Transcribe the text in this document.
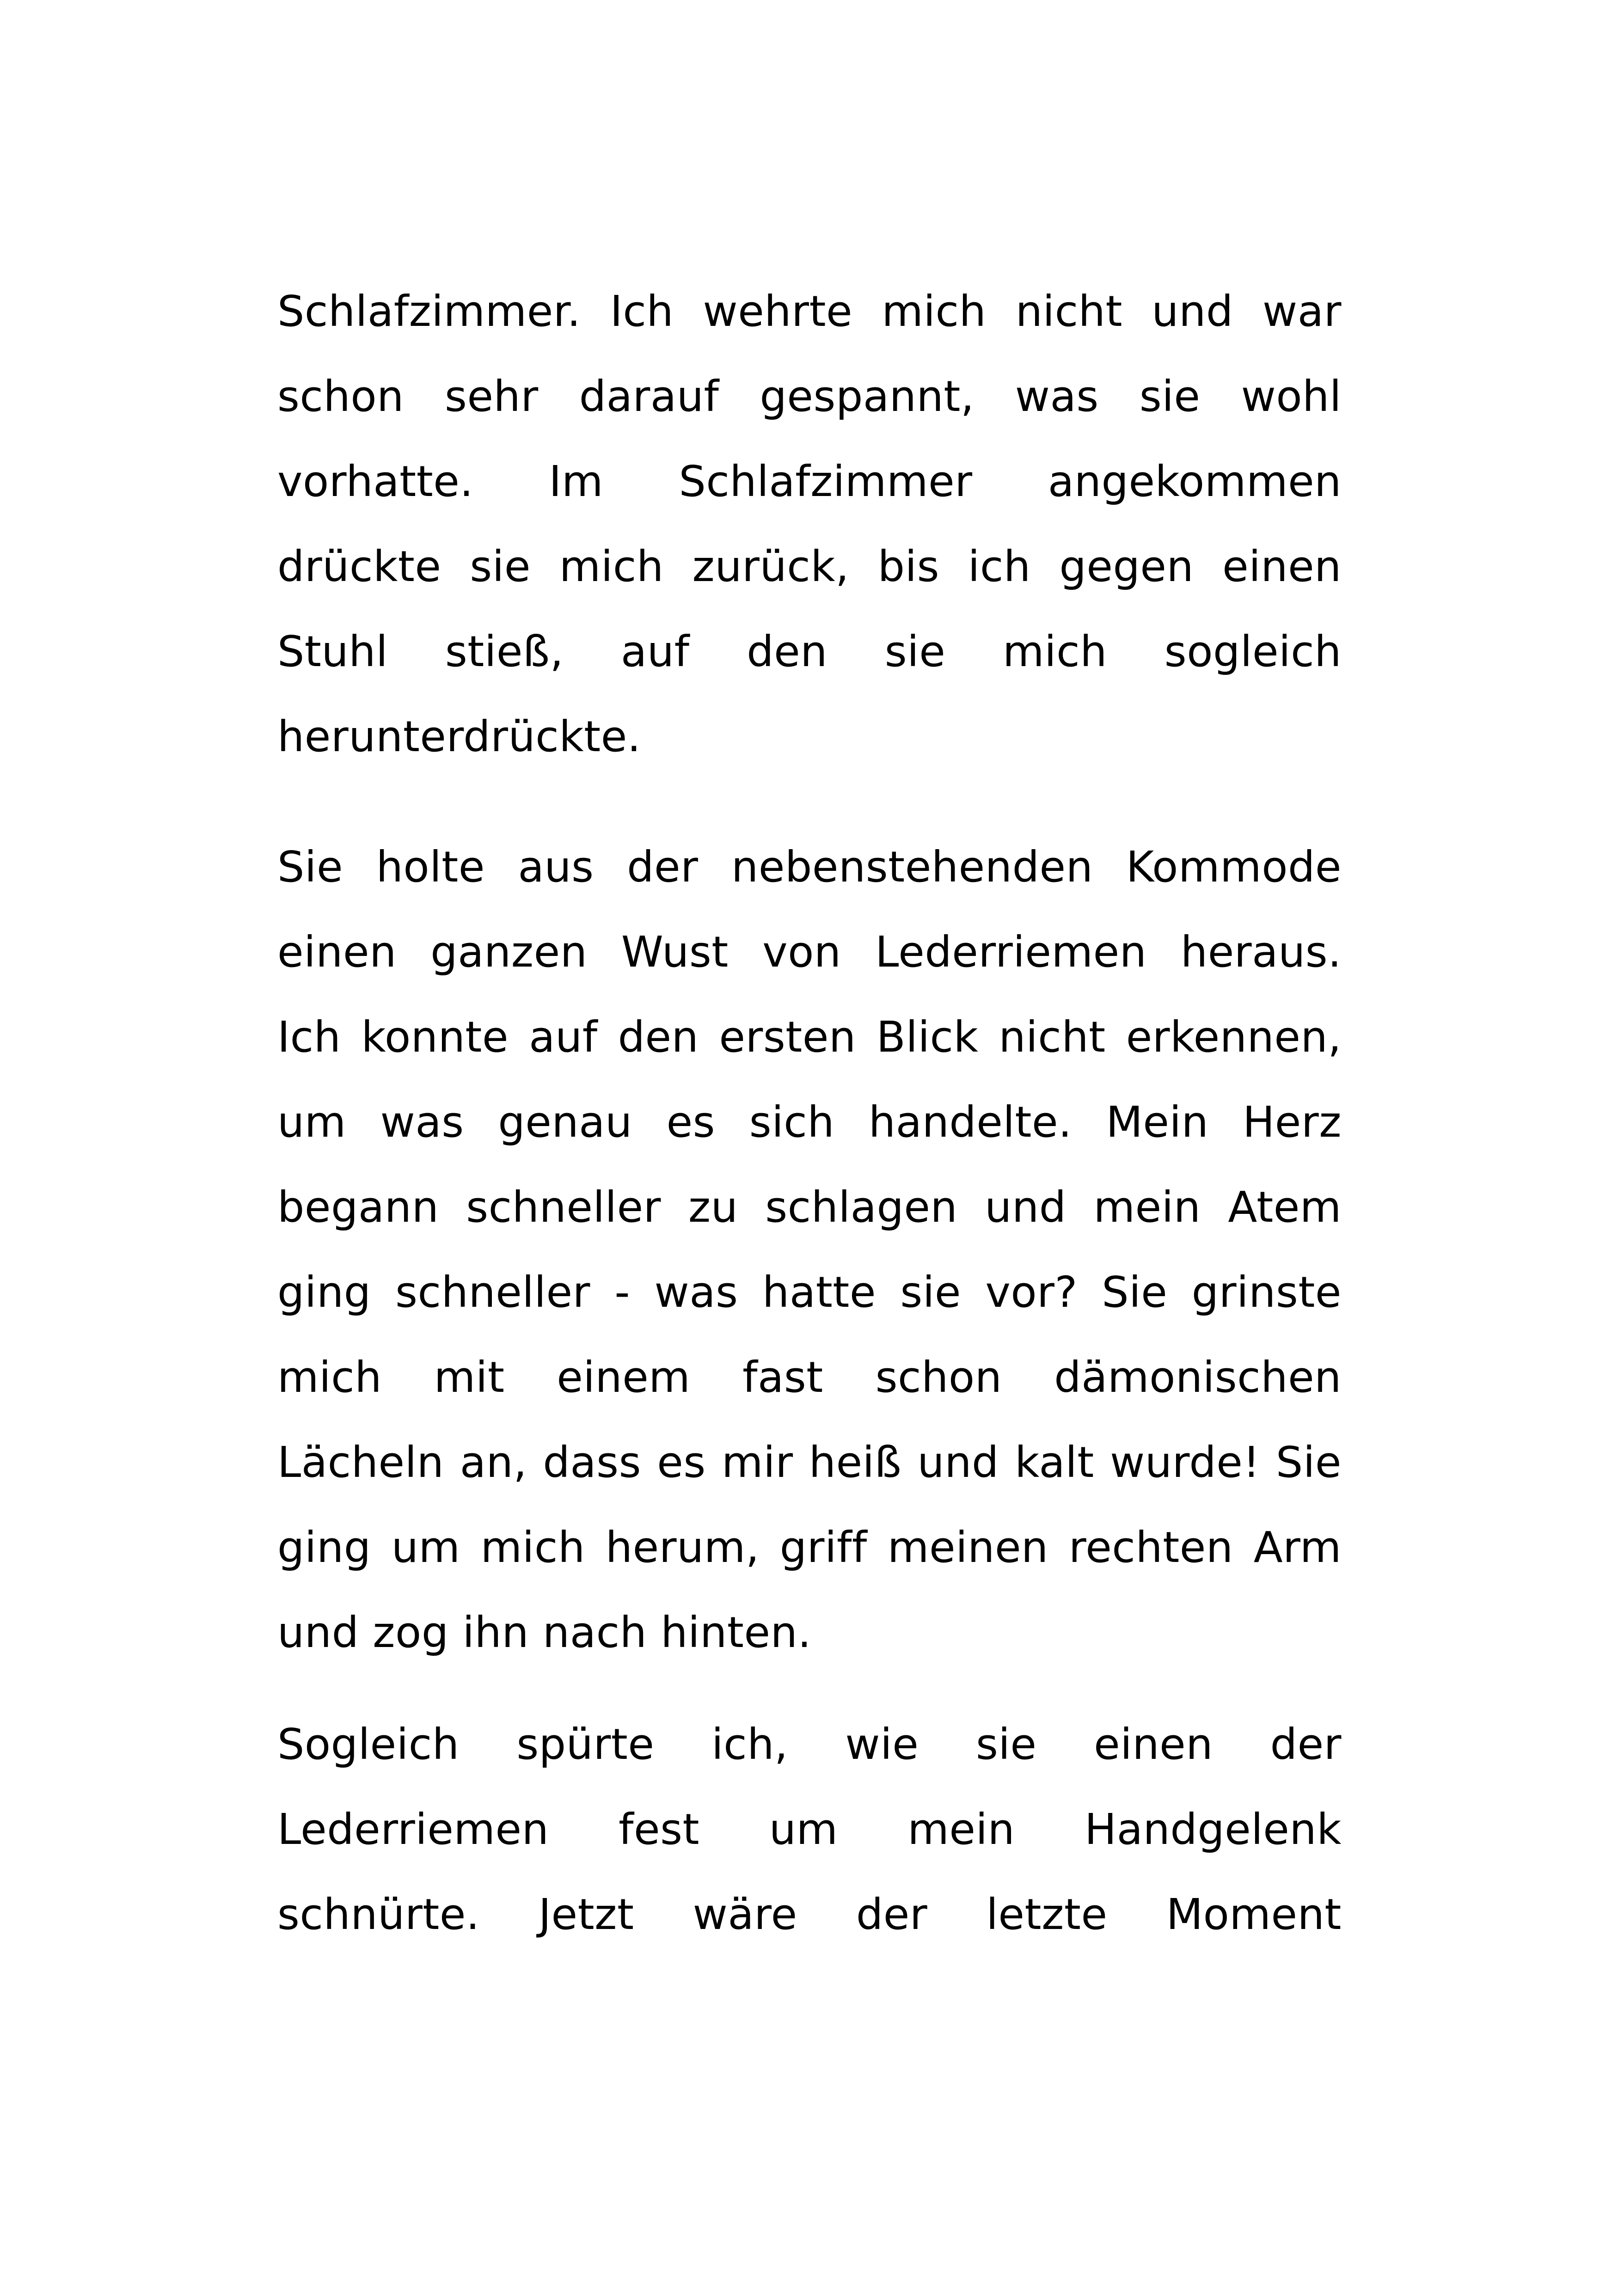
Schlafzimmer. Ich wehrte mich nicht und war
schon sehr darauf gespannt, was sie wohl
vorhatte. Im Schlafzimmer angekommen
drückte sie mich zurück, bis ich gegen einen
Stuhl stieß, auf den sie mich sogleich
herunterdrückte.
Sie holte aus der nebenstehenden Kommode
einen ganzen Wust von Lederriemen heraus.
Ich konnte auf den ersten Blick nicht erkennen,
um was genau es sich handelte. Mein Herz
begann schneller zu schlagen und mein Atem
ging schneller - was hatte sie vor? Sie grinste
mich mit einem fast schon dämonischen
Lächeln an, dass es mir heiß und kalt wurde! Sie
ging um mich herum, griff meinen rechten Arm
und zog ihn nach hinten.
Sogleich spürte ich, wie sie einen der
Lederriemen fest um mein Handgelenk
schnürte. Jetzt wäre der letzte Moment
